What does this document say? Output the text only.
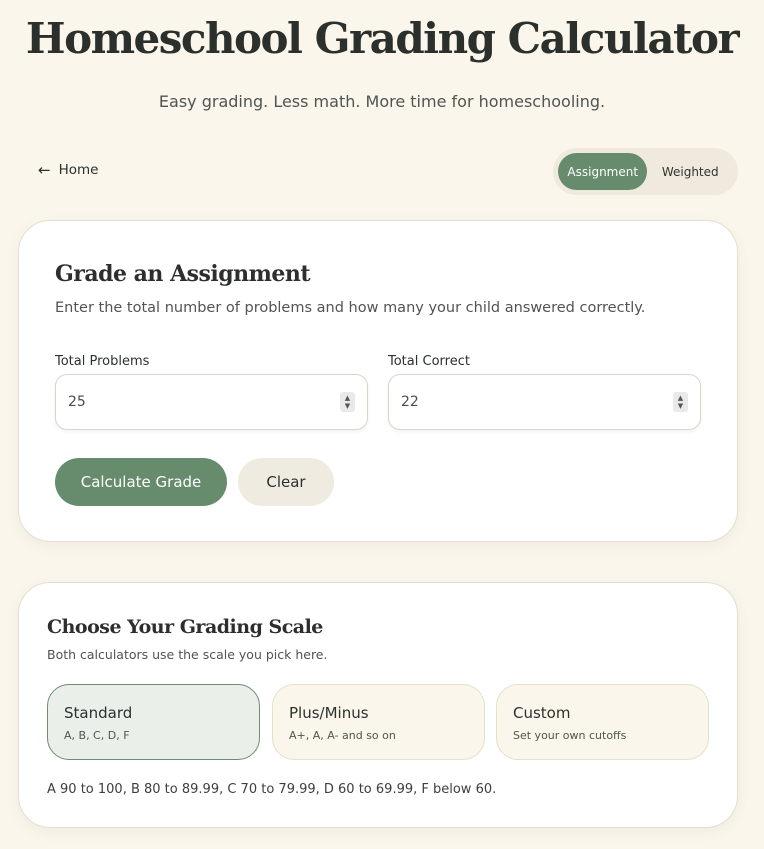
Homeschool Grading Calculator
Easy grading. Less math. More time for homeschooling.
← Home	Assignment	Weighted
Grade an Assignment
Enter the total number of problems and how many your child answered correctly.
Total Problems
25	▲
▼
Total Correct
22	▲
▼
Calculate Grade	Clear
Choose Your Grading Scale
Both calculators use the scale you pick here.
Standard
A, B, C, D, F
Plus/Minus
A+, A, A- and so on
Custom
Set your own cutoffs
A 90 to 100, B 80 to 89.99, C 70 to 79.99, D 60 to 69.99, F below 60.
